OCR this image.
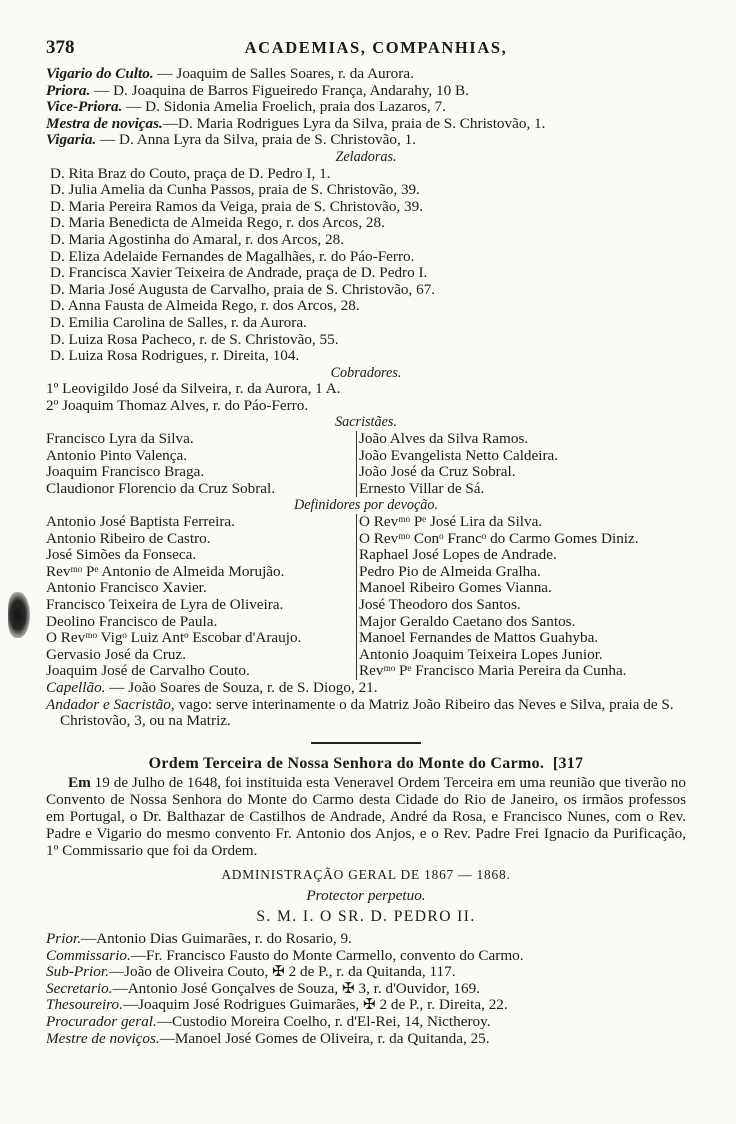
378	ACADEMIAS, COMPANHIAS,
Vigario do Culto. — Joaquim de Salles Soares, r. da Aurora.
Priora. — D. Joaquina de Barros Figueiredo França, Andarahy, 10 B.
Vice-Priora. — D. Sidonia Amelia Froelich, praia dos Lazaros, 7.
Mestra de noviças.—D. Maria Rodrigues Lyra da Silva, praia de S. Christovão, 1.
Vigaria. — D. Anna Lyra da Silva, praia de S. Christovão, 1.
Zeladoras.
D. Rita Braz do Couto, praça de D. Pedro I, 1.
D. Julia Amelia da Cunha Passos, praia de S. Christovão, 39.
D. Maria Pereira Ramos da Veiga, praia de S. Christovão, 39.
D. Maria Benedicta de Almeida Rego, r. dos Arcos, 28.
D. Maria Agostinha do Amaral, r. dos Arcos, 28.
D. Eliza Adelaide Fernandes de Magalhães, r. do Páo-Ferro.
D. Francisca Xavier Teixeira de Andrade, praça de D. Pedro I.
D. Maria José Augusta de Carvalho, praia de S. Christovão, 67.
D. Anna Fausta de Almeida Rego, r. dos Arcos, 28.
D. Emilia Carolina de Salles, r. da Aurora.
D. Luiza Rosa Pacheco, r. de S. Christovão, 55.
D. Luiza Rosa Rodrigues, r. Direita, 104.
Cobradores.
1º Leovigildo José da Silveira, r. da Aurora, 1 A.
2º Joaquim Thomaz Alves, r. do Páo-Ferro.
Sacristães.
Francisco Lyra da Silva.	João Alves da Silva Ramos.
Antonio Pinto Valença.	João Evangelista Netto Caldeira.
Joaquim Francisco Braga.	João José da Cruz Sobral.
Claudionor Florencio da Cruz Sobral.	Ernesto Villar de Sá.
Definidores por devoção.
Antonio José Baptista Ferreira.	O Revᵐᵒ Pᵉ José Lira da Silva.
Antonio Ribeiro de Castro.	O Revᵐᵒ Conᵒ Francᵒ do Carmo Gomes Diniz.
José Simões da Fonseca.	Raphael José Lopes de Andrade.
Revᵐᵒ Pᵉ Antonio de Almeida Morujão.	Pedro Pio de Almeida Gralha.
Antonio Francisco Xavier.	Manoel Ribeiro Gomes Vianna.
Francisco Teixeira de Lyra de Oliveira.	José Theodoro dos Santos.
Deolino Francisco de Paula.	Major Geraldo Caetano dos Santos.
O Revᵐᵒ Vigᵒ Luiz Antᵒ Escobar d'Araujo.	Manoel Fernandes de Mattos Guahyba.
Gervasio José da Cruz.	Antonio Joaquim Teixeira Lopes Junior.
Joaquim José de Carvalho Couto.	Revᵐᵒ Pᵉ Francisco Maria Pereira da Cunha.
Capellão. — João Soares de Souza, r. de S. Diogo, 21.
Andador e Sacristão, vago: serve interinamente o da Matriz João Ribeiro das Neves e Silva, praia de S. Christovão, 3, ou na Matriz.
Ordem Terceira de Nossa Senhora do Monte do Carmo. [317
Em 19 de Julho de 1648, foi instituida esta Veneravel Ordem Terceira em uma reunião que tiverão no Convento de Nossa Senhora do Monte do Carmo desta Cidade do Rio de Janeiro, os irmãos professos em Portugal, o Dr. Balthazar de Castilhos de Andrade, André da Rosa, e Francisco Nunes, com o Rev. Padre e Vigario do mesmo convento Fr. Antonio dos Anjos, e o Rev. Padre Frei Ignacio da Purificação, 1º Commissario que foi da Ordem.
ADMINISTRAÇÃO GERAL DE 1867 — 1868.
Protector perpetuo.
S. M. I. O SR. D. PEDRO II.
Prior.—Antonio Dias Guimarães, r. do Rosario, 9.
Commissario.—Fr. Francisco Fausto do Monte Carmello, convento do Carmo.
Sub-Prior.—João de Oliveira Couto, ✠ 2 de P., r. da Quitanda, 117.
Secretario.—Antonio José Gonçalves de Souza, ✠ 3, r. d'Ouvidor, 169.
Thesoureiro.—Joaquim José Rodrigues Guimarães, ✠ 2 de P., r. Direita, 22.
Procurador geral.—Custodio Moreira Coelho, r. d'El-Rei, 14, Nictheroy.
Mestre de noviços.—Manoel José Gomes de Oliveira, r. da Quitanda, 25.
